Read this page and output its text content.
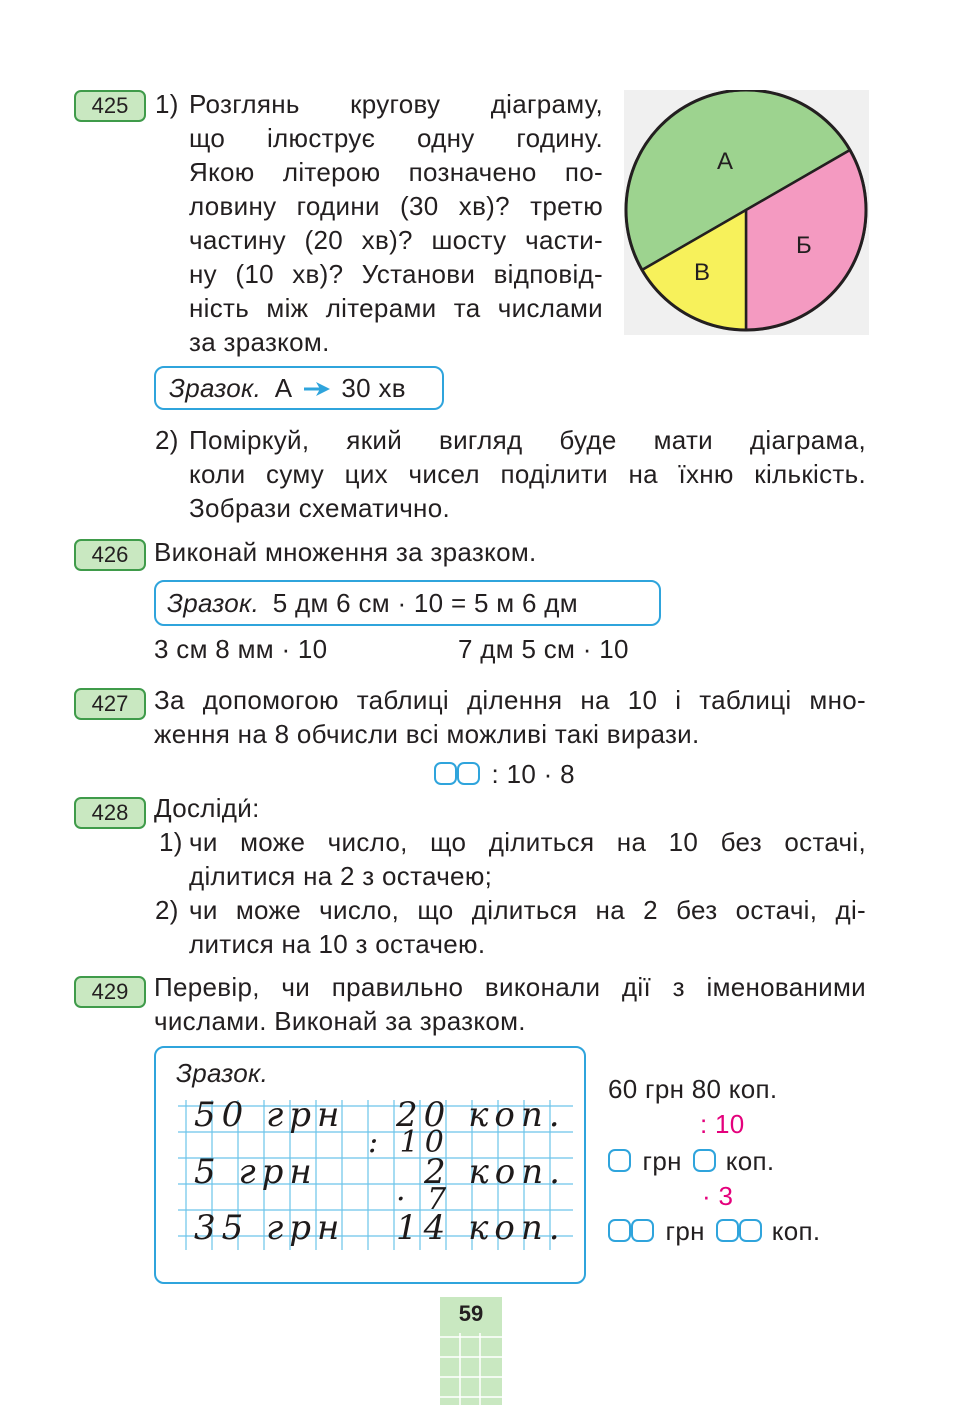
425	1) Розглянь кругову діаграму,
що ілюструє одну годину.
Якою літерою позначено по-
ловину години (30 хв)? третю
частину (20 хв)? шосту части-
ну (10 хв)? Установи відповід-
ність між літерами та числами
за зразком.
А
Б
В
Зразок. А 30 хв
2) Поміркуй, який вигляд буде мати діаграма,
коли суму цих чисел поділити на їхню кількість.
Зобрази схематично.
426 Виконай множення за зразком.
Зразок. 5 дм 6 см · 10 = 5 м 6 дм
3 см 8 мм · 10	7 дм 5 см · 10
427 За допомогою таблиці ділення на 10 і таблиці мно-
ження на 8 обчисли всі можливі такі вирази.
: 10 · 8
428 Досліди́:
1) чи може число, що ділиться на 10 без остачі,
ділитися на 2 з остачею;
2) чи може число, що ділиться на 2 без остачі, ді-
литися на 10 з остачею.
429 Перевір, чи правильно виконали дії з іменованими
числами. Виконай за зразком.
Зразок.
50 грн 20 коп.
: 10
5 грн	2 коп.
· 7
35 грн 14 коп.
60 грн 80 коп.
: 10
грн коп.
· 3
грн	коп.
59
